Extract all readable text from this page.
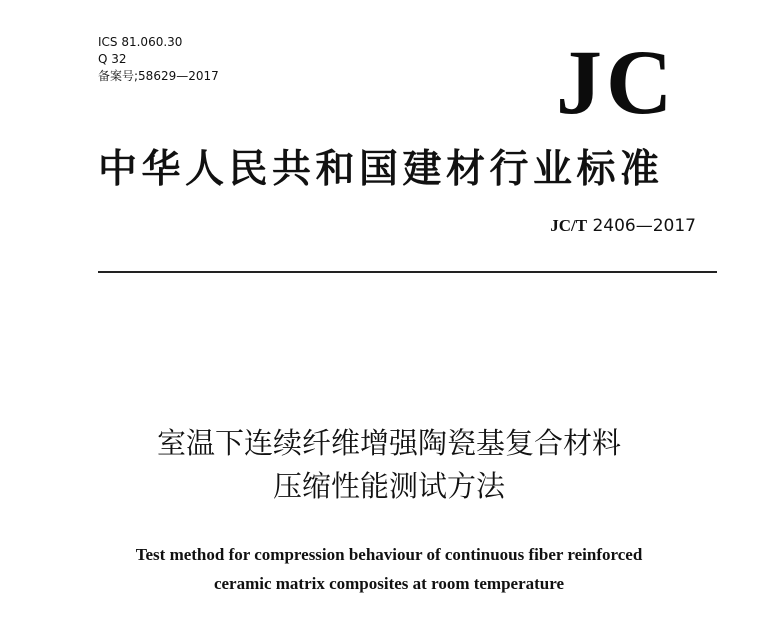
ICS 81.060.30
Q 32
备案号;58629—2017	JC
中华人民共和国建材行业标准
JC/T 2406—2017
室温下连续纤维增强陶瓷基复合材料
压缩性能测试方法
Test method for compression behaviour of continuous fiber reinforced
ceramic matrix composites at room temperature
